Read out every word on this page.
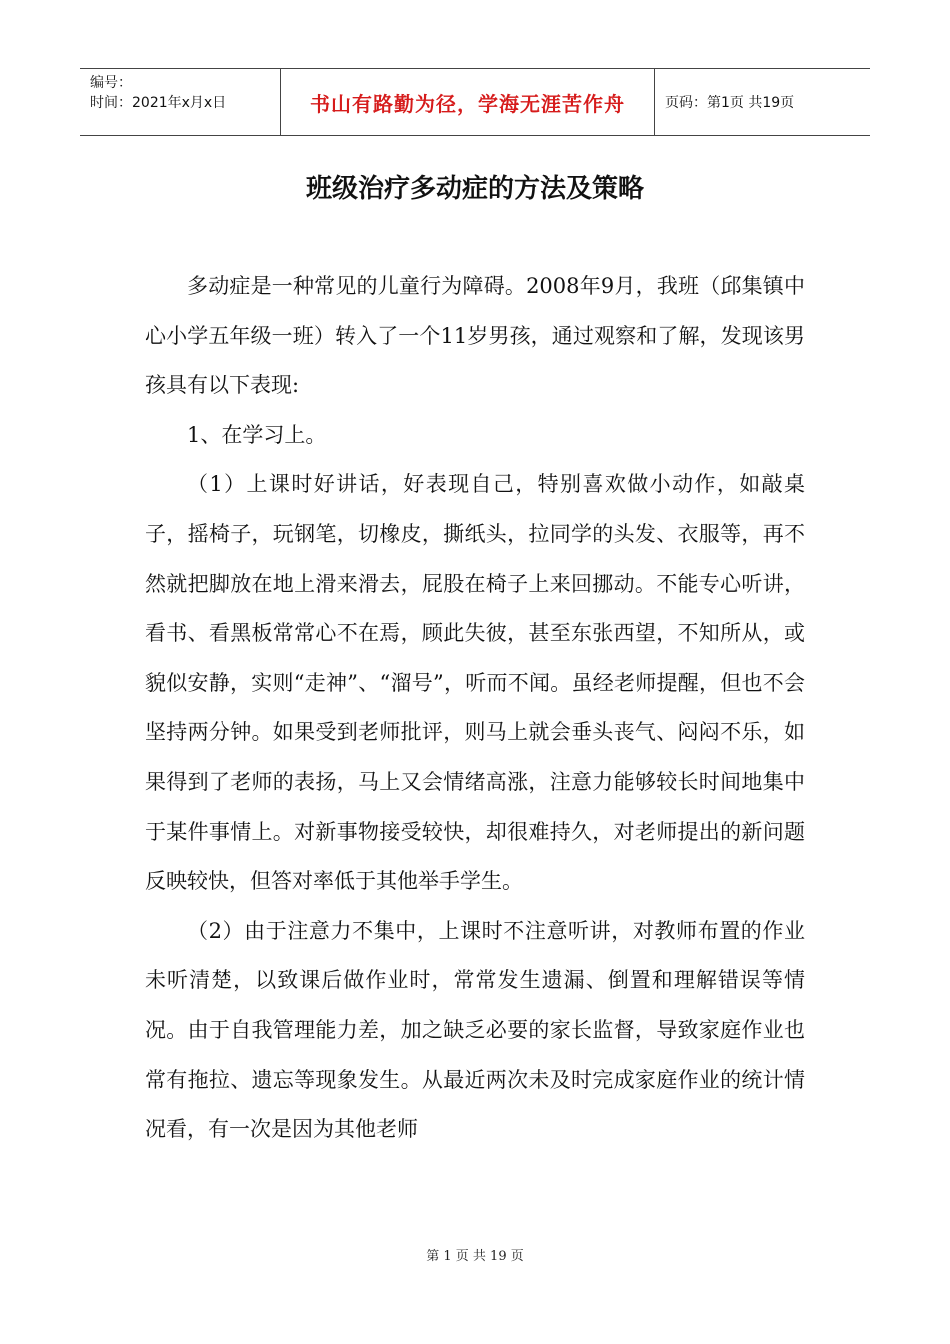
编号：
时间：2021年x月x日	书山有路勤为径，学海无涯苦作舟	页码：第1页 共19页
班级治疗多动症的方法及策略

多动症是一种常见的儿童行为障碍。2008年9月，我班（邱集镇中心小学五年级一班）转入了一个11岁男孩，通过观察和了解，发现该男孩具有以下表现:

1、在学习上。

（1）上课时好讲话，好表现自己，特别喜欢做小动作，如敲桌子，摇椅子，玩钢笔，切橡皮，撕纸头，拉同学的头发、衣服等，再不然就把脚放在地上滑来滑去，屁股在椅子上来回挪动。不能专心听讲，看书、看黑板常常心不在焉，顾此失彼，甚至东张西望，不知所从，或貌似安静，实则“走神”、“溜号”，听而不闻。虽经老师提醒，但也不会坚持两分钟。如果受到老师批评，则马上就会垂头丧气、闷闷不乐，如果得到了老师的表扬，马上又会情绪高涨，注意力能够较长时间地集中于某件事情上。对新事物接受较快，却很难持久，对老师提出的新问题反映较快，但答对率低于其他举手学生。

（2）由于注意力不集中，上课时不注意听讲，对教师布置的作业未听清楚，以致课后做作业时，常常发生遗漏、倒置和理解错误等情况。由于自我管理能力差，加之缺乏必要的家长监督，导致家庭作业也常有拖拉、遗忘等现象发生。从最近两次未及时完成家庭作业的统计情况看，有一次是因为其他老师

第 1 页 共 19 页
